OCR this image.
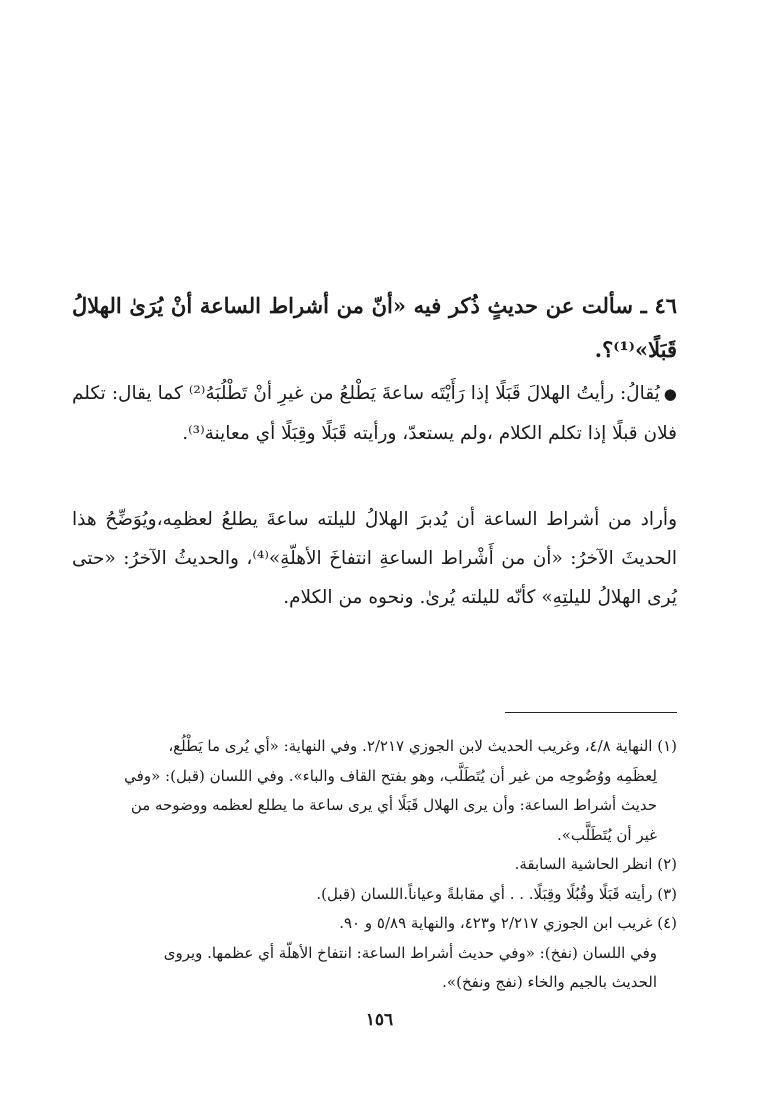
٤٦ ـ سألت عن حديثٍ ذُكر فيه «أنّ من أشراط الساعة أنْ يُرَىٰ الهلالُ قَبَلًا»⁽¹⁾؟.
●يُقالُ: رأيتُ الهلالَ قَبَلًا إذا رَأَيْتَه ساعةَ يَطْلعُ من غيرِ أنْ تَطْلُبَهُ⁽²⁾ كما يقال: تكلم فلان قبلًا إذا تكلم الكلام ،ولم يستعدّ، ورأيته قَبَلًا وقِبَلًا أي معاينة⁽³⁾.
وأراد من أشراط الساعة أن يُدبرَ الهلالُ لليلته ساعةَ يطلعُ لعظمِه،ويُوَضِّحُ هذا الحديثَ الآخرُ: «أن من أَشْراط الساعةِ انتفاخَ الأهلّةِ»⁽⁴⁾، والحديثُ الآخرُ: «حتى يُرى الهلالُ لليلتِهِ» كأنّه لليلته يُرىٰ. ونحوه من الكلام.

(١) النهاية ٤/٨، وغريب الحديث لابن الجوزي ٢/٢١٧. وفي النهاية: «أي يُرى ما يَطْلُع،

لِعظَمِه ووُضُوحِه من غير أن يُتَطَلَّب، وهو بفتح القاف والباء». وفي اللسان (قبل): «وفي

حديث أشراط الساعة: وأن يرى الهلال قَبَلًا أي يرى ساعة ما يطلع لعظمه ووضوحه من

غير أن يُتَطَلَّب».

(٢) انظر الحاشية السابقة.

(٣) رأيته قَبَلًا وقُبُلًا وقِبَلًا. . . أي مقابلةً وعياناً.اللسان (قبل).

(٤) غريب ابن الجوزي ٢/٢١٧ و٤٢٣، والنهاية ٥/٨٩ و ٩٠.

وفي اللسان (نفخ): «وفي حديث أشراط الساعة: انتفاخ الأهلّة أي عظمها. ويروى

الحديث بالجيم والخاء (نفج ونفخ)».

١٥٦
